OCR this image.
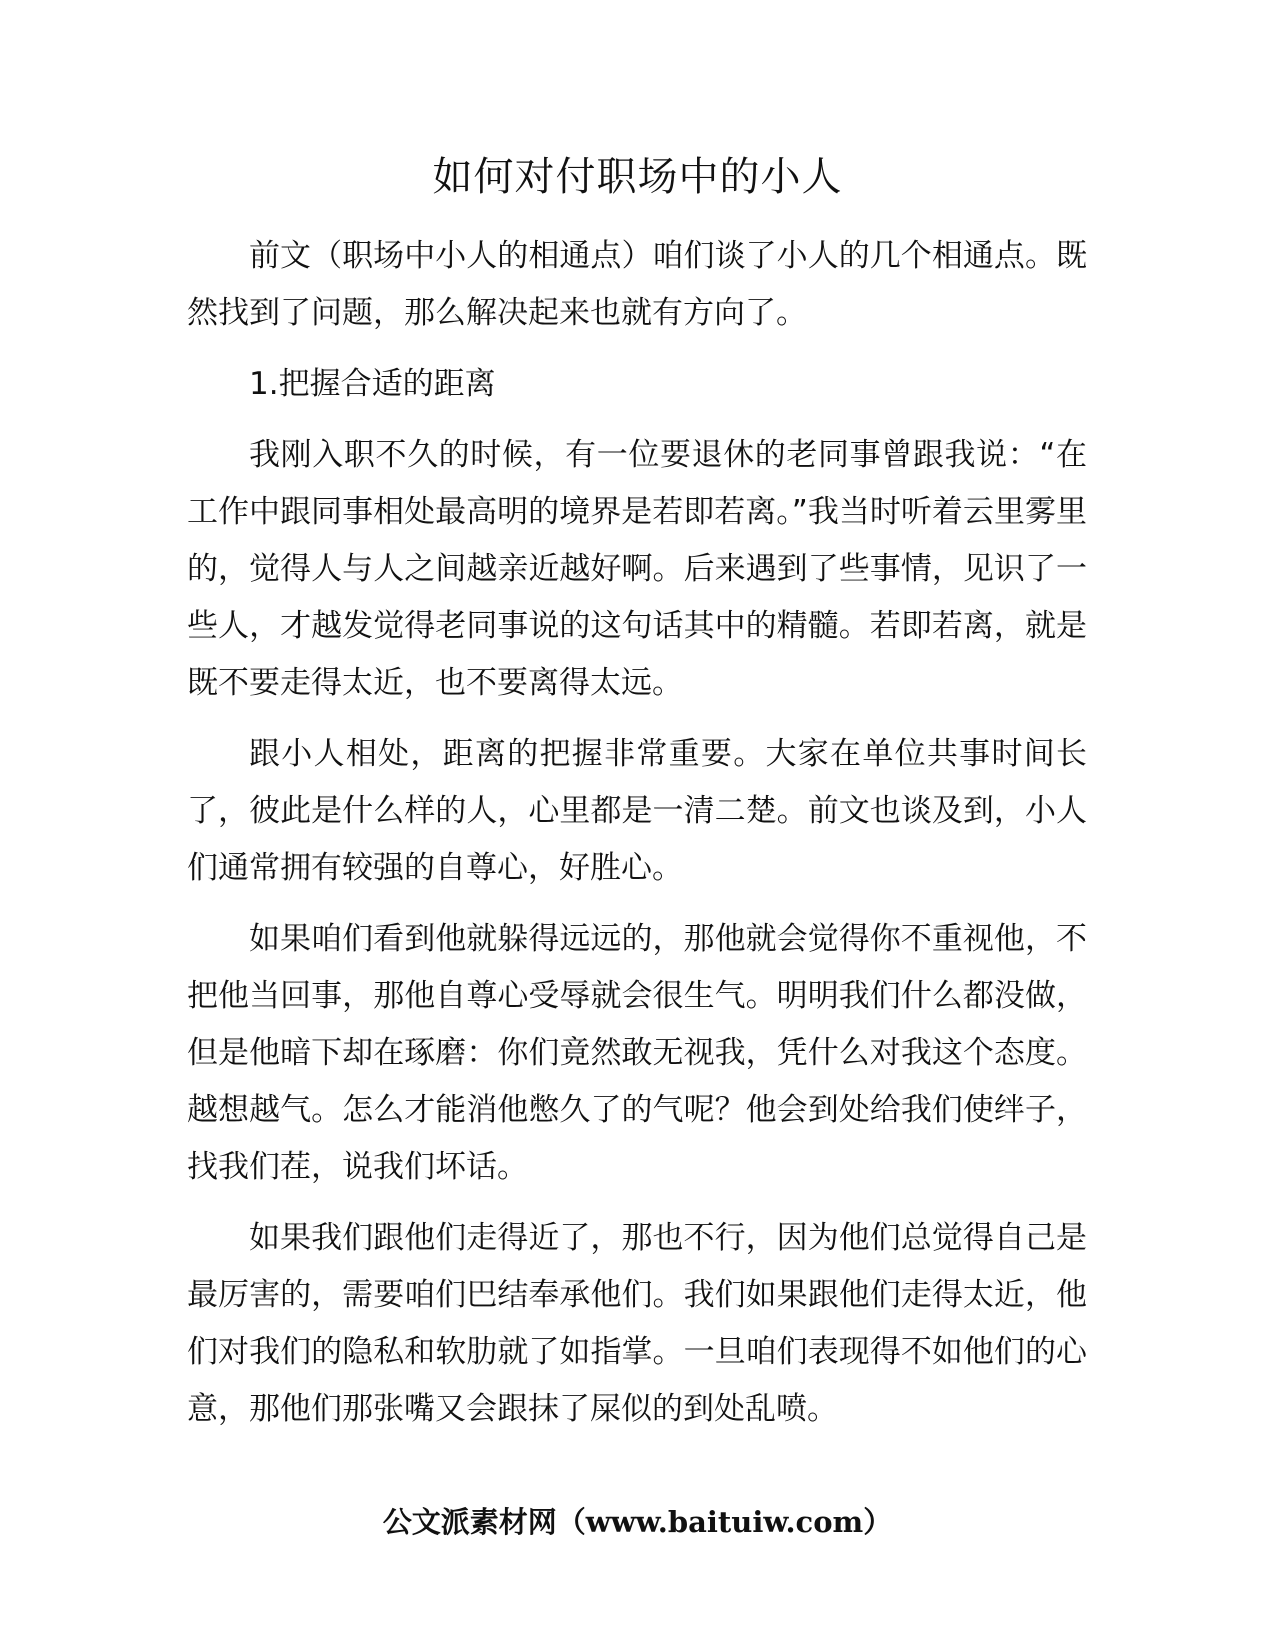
如何对付职场中的小人

前文（职场中小人的相通点）咱们谈了小人的几个相通点。既然找到了问题，那么解决起来也就有方向了。

1.把握合适的距离

我刚入职不久的时候，有一位要退休的老同事曾跟我说：“在工作中跟同事相处最高明的境界是若即若离。”我当时听着云里雾里的，觉得人与人之间越亲近越好啊。后来遇到了些事情，见识了一些人，才越发觉得老同事说的这句话其中的精髓。若即若离，就是既不要走得太近，也不要离得太远。

跟小人相处，距离的把握非常重要。大家在单位共事时间长了，彼此是什么样的人，心里都是一清二楚。前文也谈及到，小人们通常拥有较强的自尊心，好胜心。

如果咱们看到他就躲得远远的，那他就会觉得你不重视他，不把他当回事，那他自尊心受辱就会很生气。明明我们什么都没做，但是他暗下却在琢磨：你们竟然敢无视我，凭什么对我这个态度。越想越气。怎么才能消他憋久了的气呢？他会到处给我们使绊子，找我们茬，说我们坏话。

如果我们跟他们走得近了，那也不行，因为他们总觉得自己是最厉害的，需要咱们巴结奉承他们。我们如果跟他们走得太近，他们对我们的隐私和软肋就了如指掌。一旦咱们表现得不如他们的心意，那他们那张嘴又会跟抹了屎似的到处乱喷。

公文派素材网（www.baituiw.com）
